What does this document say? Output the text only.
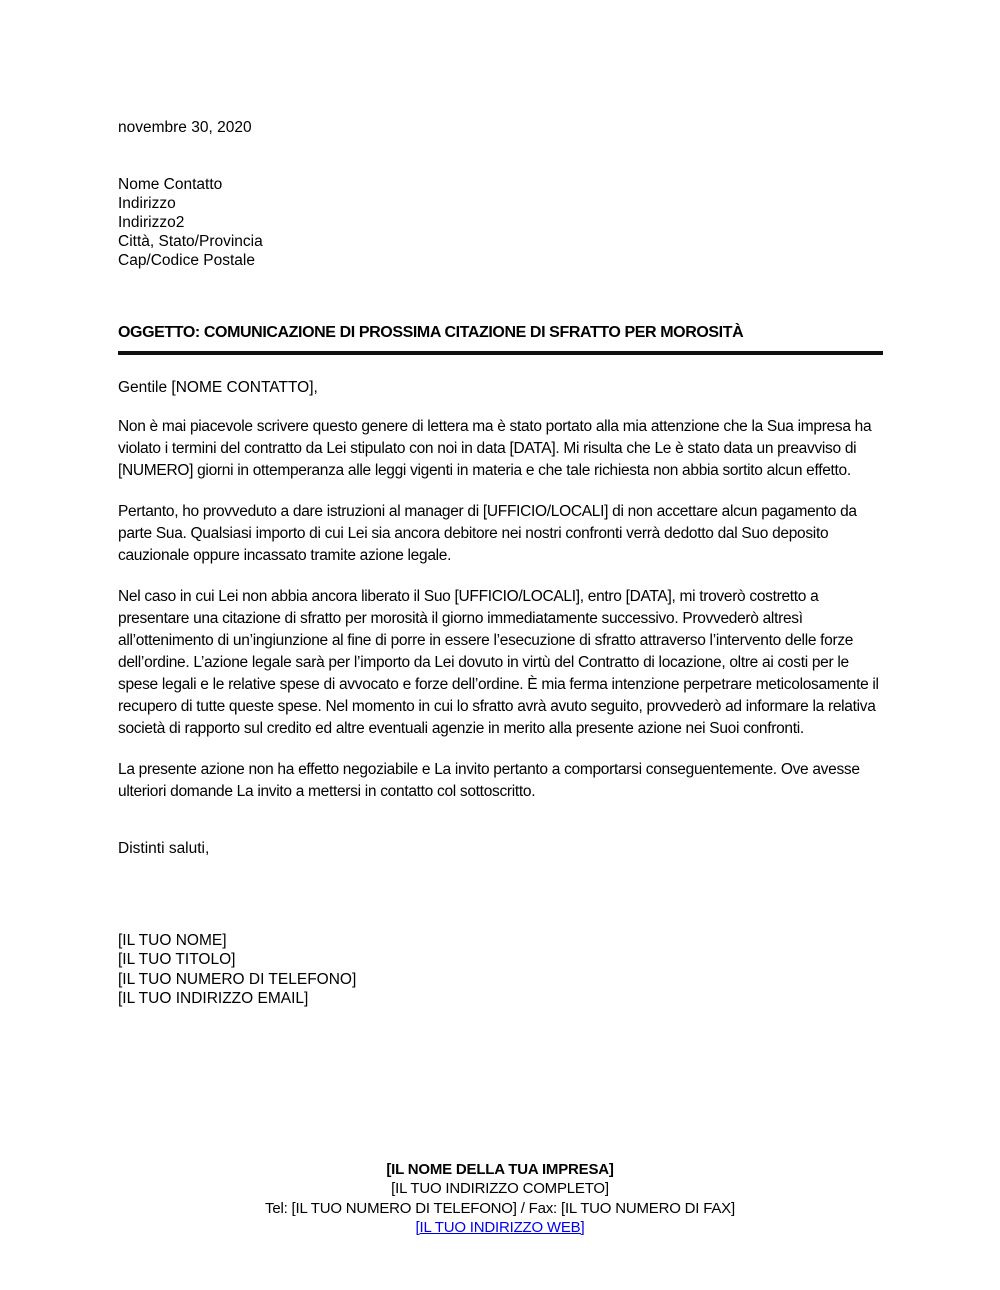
novembre 30, 2020
Nome Contatto
Indirizzo
Indirizzo2
Città, Stato/Provincia
Cap/Codice Postale
OGGETTO: COMUNICAZIONE DI PROSSIMA CITAZIONE DI SFRATTO PER MOROSITÀ
Gentile [NOME CONTATTO],

Non è mai piacevole scrivere questo genere di lettera ma è stato portato alla mia attenzione che la Sua impresa ha violato i termini del contratto da Lei stipulato con noi in data [DATA]. Mi risulta che Le è stato data un preavviso di [NUMERO] giorni in ottemperanza alle leggi vigenti in materia e che tale richiesta non abbia sortito alcun effetto.

Pertanto, ho provveduto a dare istruzioni al manager di [UFFICIO/LOCALI] di non accettare alcun pagamento da parte Sua. Qualsiasi importo di cui Lei sia ancora debitore nei nostri confronti verrà dedotto dal Suo deposito cauzionale oppure incassato tramite azione legale.

Nel caso in cui Lei non abbia ancora liberato il Suo [UFFICIO/LOCALI], entro [DATA], mi troverò costretto a presentare una citazione di sfratto per morosità il giorno immediatamente successivo. Provvederò altresì all’ottenimento di un’ingiunzione al fine di porre in essere l’esecuzione di sfratto attraverso l’intervento delle forze dell’ordine. L’azione legale sarà per l’importo da Lei dovuto in virtù del Contratto di locazione, oltre ai costi per le spese legali e le relative spese di avvocato e forze dell’ordine. È mia ferma intenzione perpetrare meticolosamente il recupero di tutte queste spese. Nel momento in cui lo sfratto avrà avuto seguito, provvederò ad informare la relativa società di rapporto sul credito ed altre eventuali agenzie in merito alla presente azione nei Suoi confronti.

La presente azione non ha effetto negoziabile e La invito pertanto a comportarsi conseguentemente. Ove avesse ulteriori domande La invito a mettersi in contatto col sottoscritto.

Distinti saluti,
[IL TUO NOME]
[IL TUO TITOLO]
[IL TUO NUMERO DI TELEFONO]
[IL TUO INDIRIZZO EMAIL]
[IL NOME DELLA TUA IMPRESA]
[IL TUO INDIRIZZO COMPLETO]
Tel: [IL TUO NUMERO DI TELEFONO] / Fax: [IL TUO NUMERO DI FAX]
[IL TUO INDIRIZZO WEB]
